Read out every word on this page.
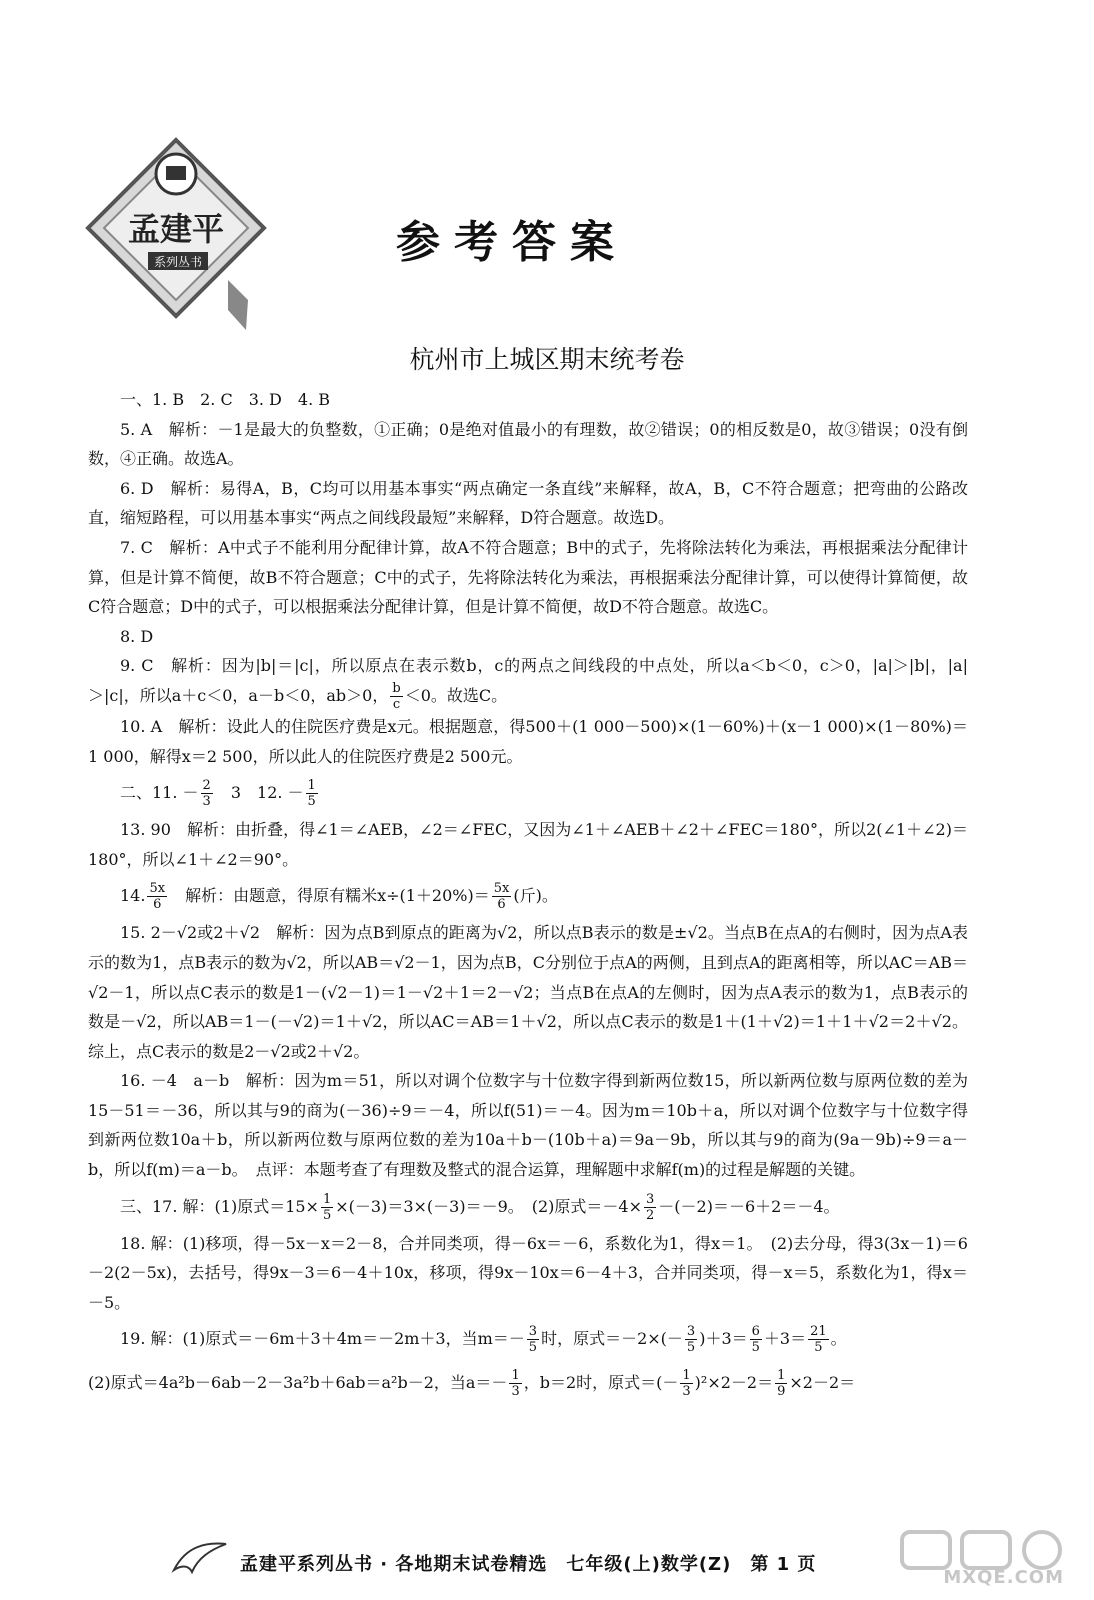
孟建平
系列丛书	参考答案
杭州市上城区期末统考卷

一、1. B　2. C　3. D　4. B

5. A　解析：－1是最大的负整数，①正确；0是绝对值最小的有理数，故②错误；0的相反数是0，故③错误；0没有倒数，④正确。故选A。

6. D　解析：易得A，B，C均可以用基本事实“两点确定一条直线”来解释，故A，B，C不符合题意；把弯曲的公路改直，缩短路程，可以用基本事实“两点之间线段最短”来解释，D符合题意。故选D。

7. C　解析：A中式子不能利用分配律计算，故A不符合题意；B中的式子，先将除法转化为乘法，再根据乘法分配律计算，但是计算不简便，故B不符合题意；C中的式子，先将除法转化为乘法，再根据乘法分配律计算，可以使得计算简便，故C符合题意；D中的式子，可以根据乘法分配律计算，但是计算不简便，故D不符合题意。故选C。

8. D

9. C　解析：因为|b|＝|c|，所以原点在表示数b，c的两点之间线段的中点处，所以a＜b＜0，c＞0，|a|＞|b|，|a|＞|c|，所以a＋c＜0，a－b＜0，ab＞0， $\frac{b}{c} <0$。故选C。

10. A　解析：设此人的住院医疗费是x元。根据题意，得500＋(1 000－500)×(1－60%)＋(x－1 000)×(1－80%)＝1 000，解得x＝2 500，所以此人的住院医疗费是2 500元。

二、11. － $\frac{2}{3}$ 　3　12. － $\frac{1}{5}$

13. 90　解析：由折叠，得∠1＝∠AEB，∠2＝∠FEC，又因为∠1＋∠AEB＋∠2＋∠FEC＝180°，所以2(∠1＋∠2)＝180°，所以∠1＋∠2＝90°。

14. $\frac{5x}{6}$ 　解析：由题意，得原有糯米$x\div(1+20\%)= \frac{5x}{6}$ (斤)。

15. 2－√2或2＋√2　解析：因为点B到原点的距离为√2，所以点B表示的数是±√2。当点B在点A的右侧时，因为点A表示的数为1，点B表示的数为√2，所以AB＝√2－1，因为点B，C分别位于点A的两侧，且到点A的距离相等，所以AC＝AB＝√2－1，所以点C表示的数是1－(√2－1)＝1－√2＋1＝2－√2；当点B在点A的左侧时，因为点A表示的数为1，点B表示的数是－√2，所以AB＝1－(－√2)＝1＋√2，所以AC＝AB＝1＋√2，所以点C表示的数是1＋(1＋√2)＝1＋1＋√2＝2＋√2。综上，点C表示的数是2－√2或2＋√2。

16. －4　a－b　解析：因为m＝51，所以对调个位数字与十位数字得到新两位数15，所以新两位数与原两位数的差为15－51＝－36，所以其与9的商为(－36)÷9＝－4，所以f(51)＝－4。因为m＝10b＋a，所以对调个位数字与十位数字得到新两位数10a＋b，所以新两位数与原两位数的差为10a＋b－(10b＋a)＝9a－9b，所以其与9的商为(9a－9b)÷9＝a－b，所以f(m)＝a－b。　点评：本题考查了有理数及整式的混合运算，理解题中求解f(m)的过程是解题的关键。

三、17. 解：(1)原式$=15\times \frac{1}{5} \times(-3)=3\times(-3)=-9$。　(2)原式$=-4\times \frac{3}{2} -(-2)=-6+2=-4$。

18. 解：(1)移项，得－5x－x＝2－8，合并同类项，得－6x＝－6，系数化为1，得x＝1。　(2)去分母，得3(3x－1)＝6－2(2－5x)，去括号，得9x－3＝6－4＋10x，移项，得9x－10x＝6－4＋3，合并同类项，得－x＝5，系数化为1，得x＝－5。

19. 解：(1)原式＝－6m＋3＋4m＝－2m＋3，当$m=- \frac{3}{5}$ 时，原式$=-2\times(- \frac{3}{5} )+3= \frac{6}{5} +3= \frac{21}{5}$ 。

(2)原式＝4a²b－6ab－2－3a²b＋6ab＝a²b－2，当$a=- \frac{1}{3}$ ，b＝2时，原式＝(－ $\frac{1}{3} )^2\times 2-2= \frac{1}{9} \times 2-2=$

孟建平系列丛书 · 各地期末试卷精选　七年级(上)数学(Z)　第 1 页
MXQE.COM
